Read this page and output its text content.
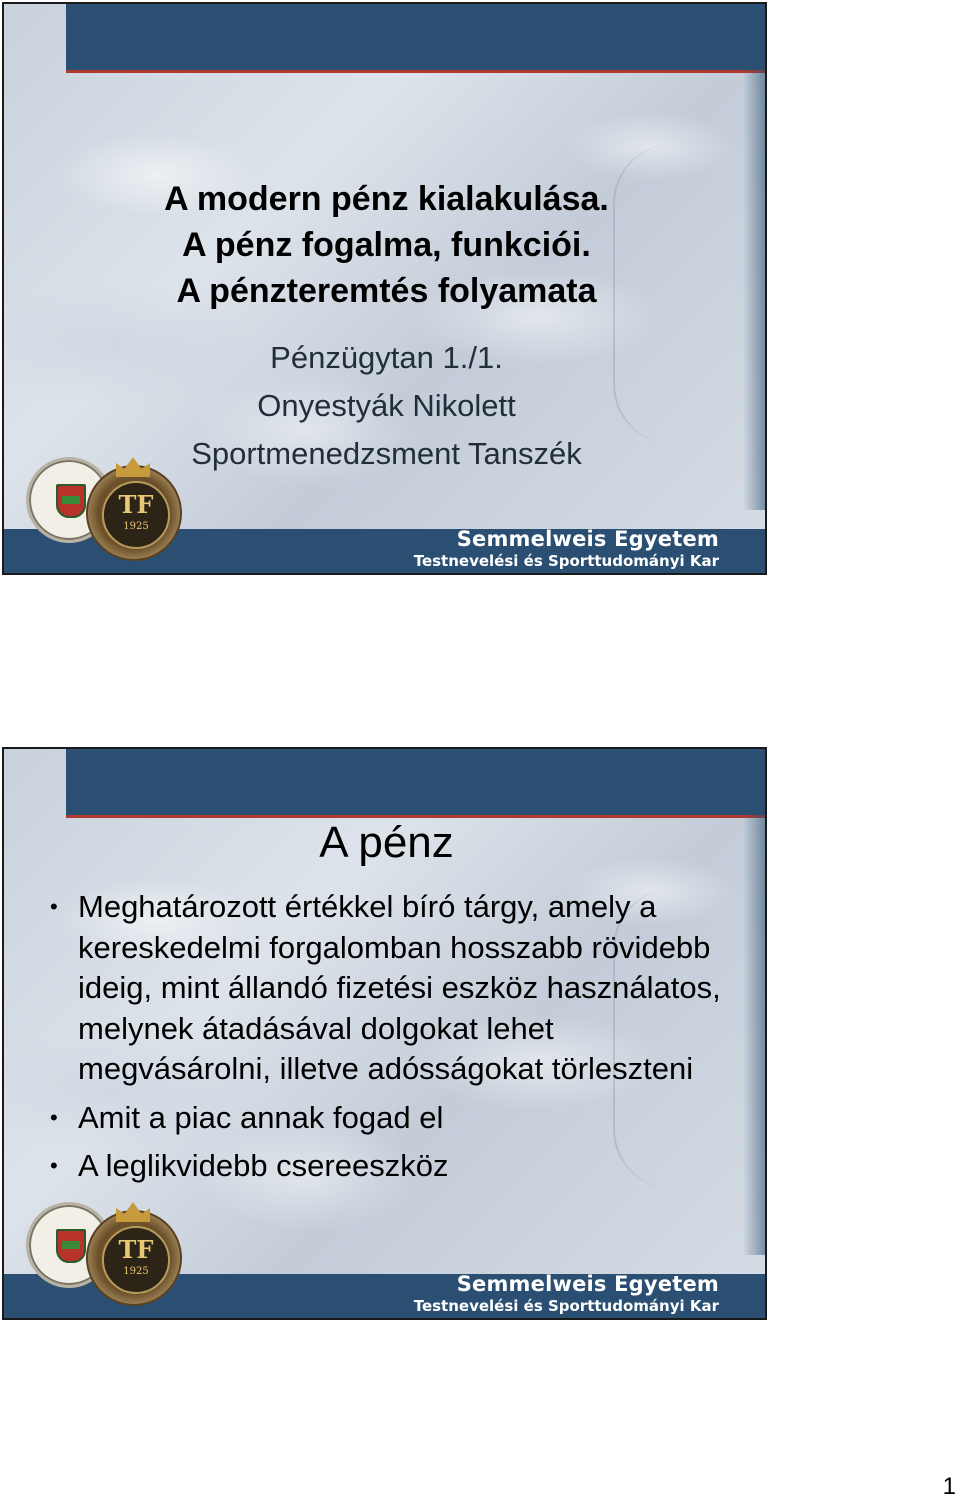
A modern pénz kialakulása.
A pénz fogalma, funkciói.
A pénzteremtés folyamata
Pénzügytan 1./1.
Onyestyák Nikolett
Sportmenedzsment Tanszék
Semmelweis Egyetem
Testnevelési és Sporttudományi Kar
TF
1925
A pénz
• Meghatározott értékkel bíró tárgy, amely a kereskedelmi forgalomban hosszabb rövidebb ideig, mint állandó fizetési eszköz használatos, melynek átadásával dolgokat lehet megvásárolni, illetve adósságokat törleszteni
• Amit a piac annak fogad el
• A leglikvidebb csereeszköz
Semmelweis Egyetem
Testnevelési és Sporttudományi Kar
TF
1925
1
